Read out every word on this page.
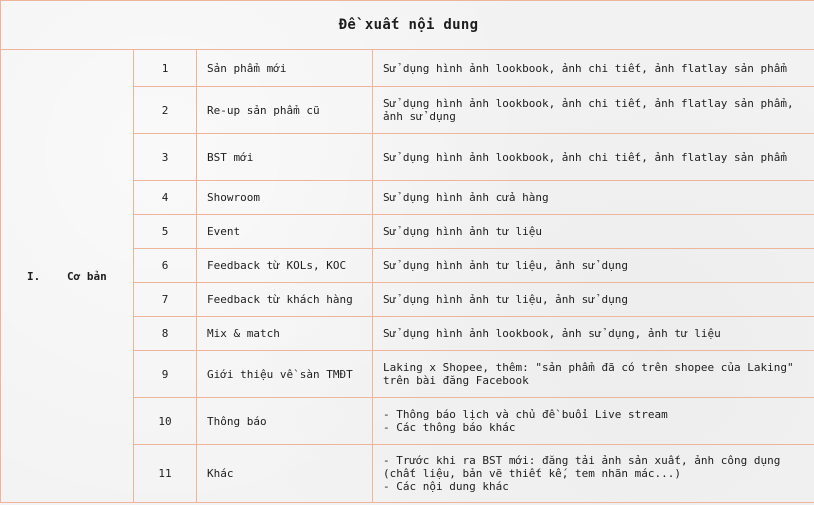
Đề xuất nội dung			
I. Cơ bản	1	Sản phẩm mới	Sử dụng hình ảnh lookbook, ảnh chi tiết, ảnh flatlay sản phẩm

	2	Re-up sản phẩm cũ	Sử dụng hình ảnh lookbook, ảnh chi tiết, ảnh flatlay sản phẩm, ảnh sử dụng

	3	BST mới	Sử dụng hình ảnh lookbook, ảnh chi tiết, ảnh flatlay sản phẩm

	4	Showroom	Sử dụng hình ảnh cửa hàng

	5	Event	Sử dụng hình ảnh tư liệu

	6	Feedback từ KOLs, KOC	Sử dụng hình ảnh tư liệu, ảnh sử dụng

	7	Feedback từ khách hàng	Sử dụng hình ảnh tư liệu, ảnh sử dụng

	8	Mix & match	Sử dụng hình ảnh lookbook, ảnh sử dụng, ảnh tư liệu

	9	Giới thiệu về sàn TMĐT	Laking x Shopee, thêm: "sản phẩm đã có trên shopee của Laking" trên bài đăng Facebook

	10	Thông báo	- Thông báo lịch và chủ đề buổi Live stream
- Các thông báo khác

	11	Khác	- Trước khi ra BST mới: đăng tải ảnh sản xuất, ảnh công dụng (chất liệu, bản vẽ thiết kế, tem nhãn mác...)
- Các nội dung khác
